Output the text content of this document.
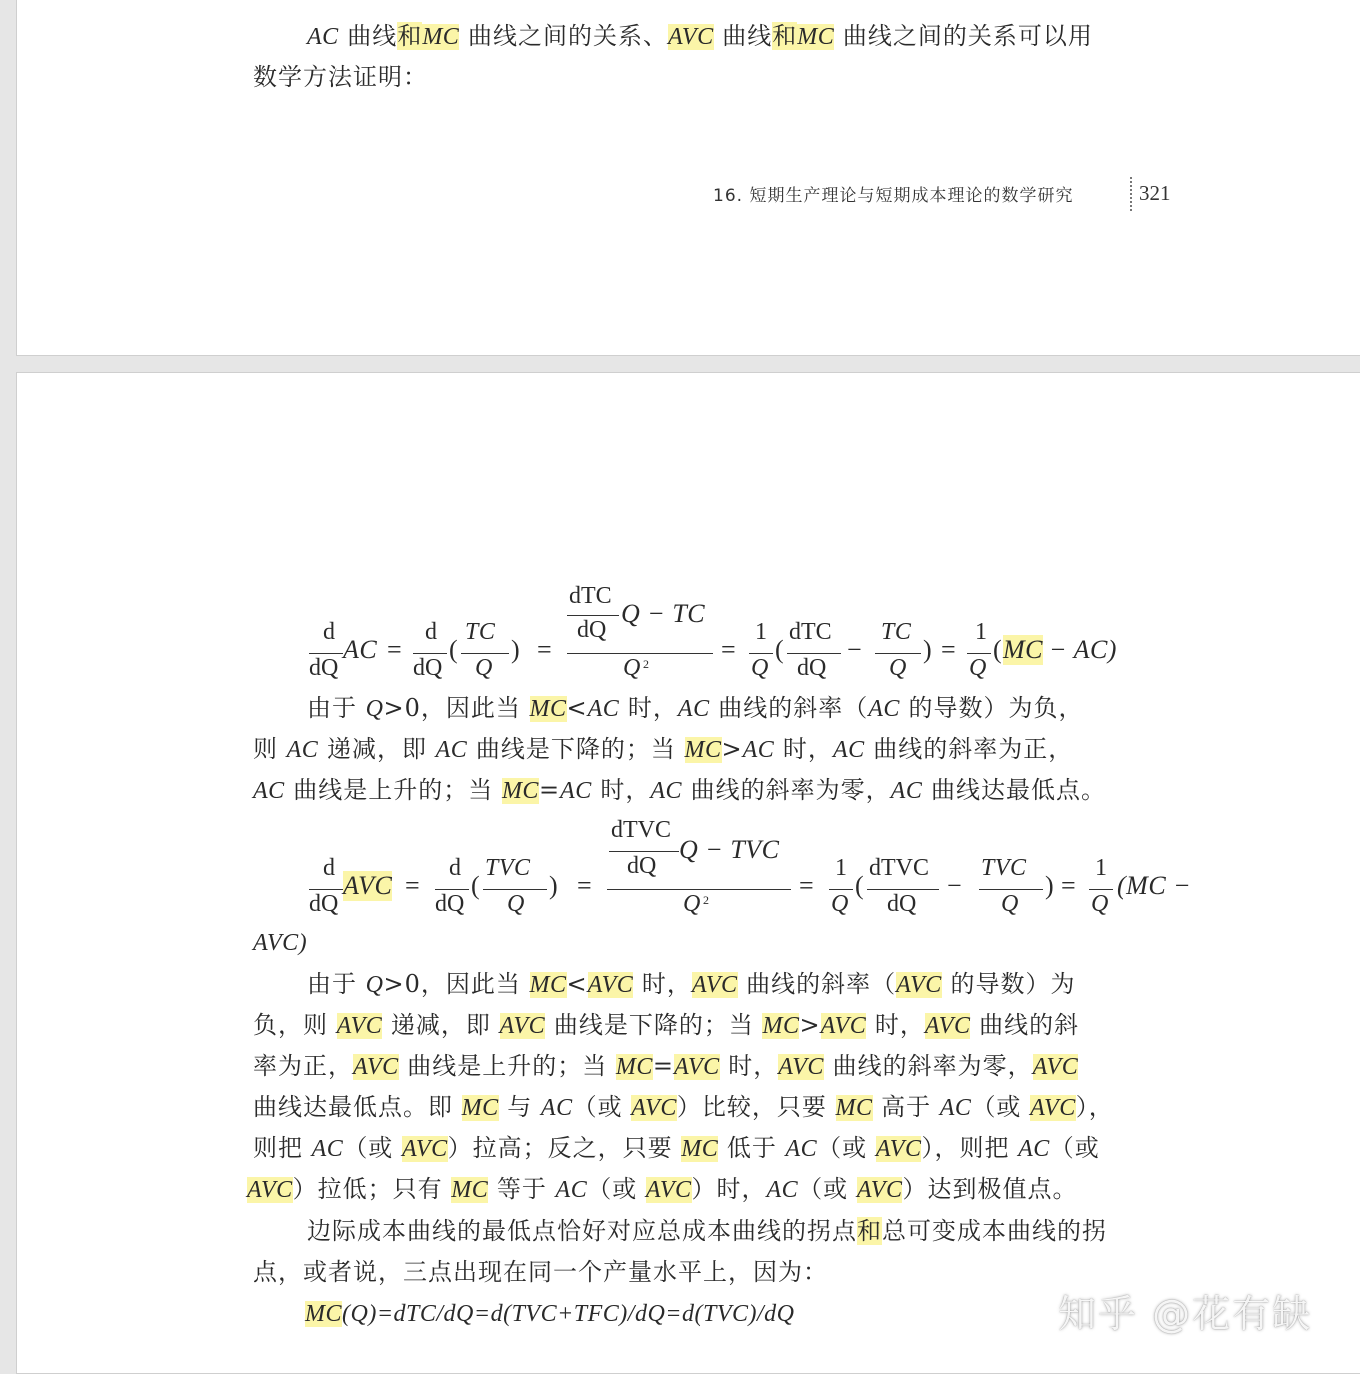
AC 曲线和MC 曲线之间的关系、AVC 曲线和MC 曲线之间的关系可以用
数学方法证明：
16. 短期生产理论与短期成本理论的数学研究	321
d
dQ
AC =
d
dQ
(
TC
Q
) =
dTC
dQ
Q − TC
Q 2	=
1
Q
(
dTC
dQ
−
TC
Q
) =
1
Q
( MC − AC)
由于 Q>0，因此当 MC<AC 时，AC 曲线的斜率（AC 的导数）为负，
则 AC 递减，即 AC 曲线是下降的；当 MC>AC 时，AC 曲线的斜率为正，
AC 曲线是上升的；当 MC=AC 时，AC 曲线的斜率为零，AC 曲线达最低点。
d
dQ
AVC =
d
dQ
(
TVC
Q
) =
dTVC
dQ
Q − TVC
Q 2	=
1
Q
(
dTVC
dQ
−
TVC
Q
) =
1
Q
(MC −
AVC)
由于 Q>0，因此当 MC<AVC 时，AVC 曲线的斜率（AVC 的导数）为
负，则 AVC 递减，即 AVC 曲线是下降的；当 MC>AVC 时，AVC 曲线的斜
率为正，AVC 曲线是上升的；当 MC=AVC 时，AVC 曲线的斜率为零，AVC
曲线达最低点。即 MC 与 AC（或 AVC）比较，只要 MC 高于 AC（或 AVC），
则把 AC（或 AVC）拉高；反之，只要 MC 低于 AC（或 AVC），则把 AC（或
AVC）拉低；只有 MC 等于 AC（或 AVC）时，AC（或 AVC）达到极值点。
边际成本曲线的最低点恰好对应总成本曲线的拐点和总可变成本曲线的拐
点，或者说，三点出现在同一个产量水平上，因为：
MC(Q)=dTC/dQ=d(TVC+TFC)/dQ=d(TVC)/dQ	知乎 @花有缺
